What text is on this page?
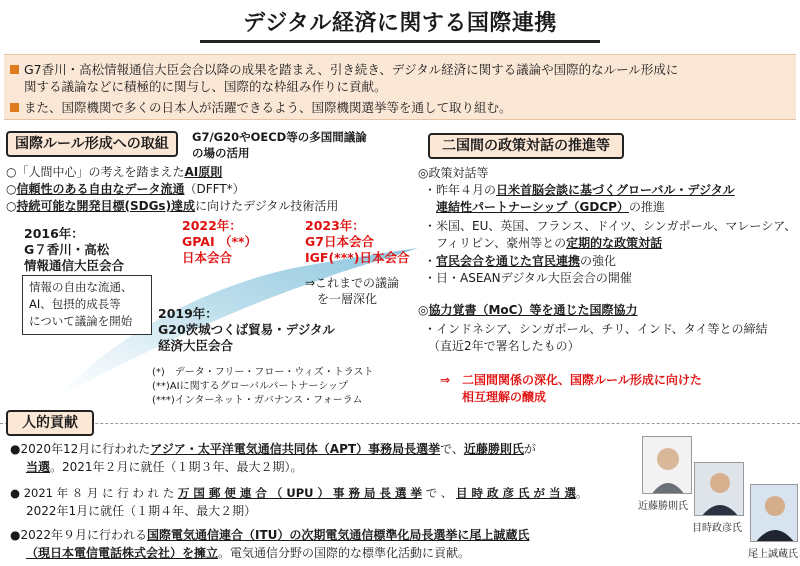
デジタル経済に関する国際連携
G7香川・高松情報通信大臣会合以降の成果を踏まえ、引き続き、デジタル経済に関する議論や国際的なルール形成に
関する議論などに積極的に関与し、国際的な枠組み作りに貢献。
また、国際機関で多くの日本人が活躍できるよう、国際機関選挙等を通して取り組む。
国際ルール形成への取組	G7/G20やOECD等の多国間議論
の場の活用
○「人間中心」の考えを踏まえたAI原則
○信頼性のある自由なデータ流通（DFFT*）
○持続可能な開発目標(SDGs)達成に向けたデジタル技術活用
2016年：
G７香川・高松
情報通信大臣会合
2022年：
GPAI （**）
日本会合
2023年：
G7日本会合
IGF(***)日本会合
⇒これまでの議論
を一層深化
情報の自由な流通、
AI、包摂的成長等
について議論を開始	2019年：
G20茨城つくば貿易・デジタル
経済大臣会合
(*)　データ・フリー・フロー・ウィズ・トラスト
(**)AIに関するグローバルパートナーシップ
(***)インターネット・ガバナンス・フォーラム
二国間の政策対話の推進等
◎政策対話等
・昨年４月の日米首脳会談に基づくグローバル・デジタル
連結性パートナーシップ（GDCP）の推進
・米国、EU、英国、フランス、ドイツ、シンガポール、マレーシア、
フィリピン、豪州等との定期的な政策対話
・官民会合を通じた官民連携の強化
・日・ASEANデジタル大臣会合の開催
◎協力覚書（MoC）等を通じた国際協力
・インドネシア、シンガポール、チリ、インド、タイ等との締結
（直近2年で署名したもの）
⇒　二国間関係の深化、国際ルール形成に向けた
相互理解の醸成
人的貢献
●2020年12月に行われたアジア・太平洋電気通信共同体（APT）事務局長選挙で、近藤勝則氏が
当選。2021年２月に就任（１期３年、最大２期）。
● 2021 年 ８ 月 に 行 わ れ た 万 国 郵 便 連 合 （ UPU ） 事 務 局 長 選 挙 で 、 目 時 政 彦 氏 が 当 選。
2022年1月に就任（１期４年、最大２期）
●2022年９月に行われる国際電気通信連合（ITU）の次期電気通信標準化局長選挙に尾上誠蔵氏
（現日本電信電話株式会社）を擁立。電気通信分野の国際的な標準化活動に貢献。
近藤勝則氏
目時政彦氏
尾上誠蔵氏
